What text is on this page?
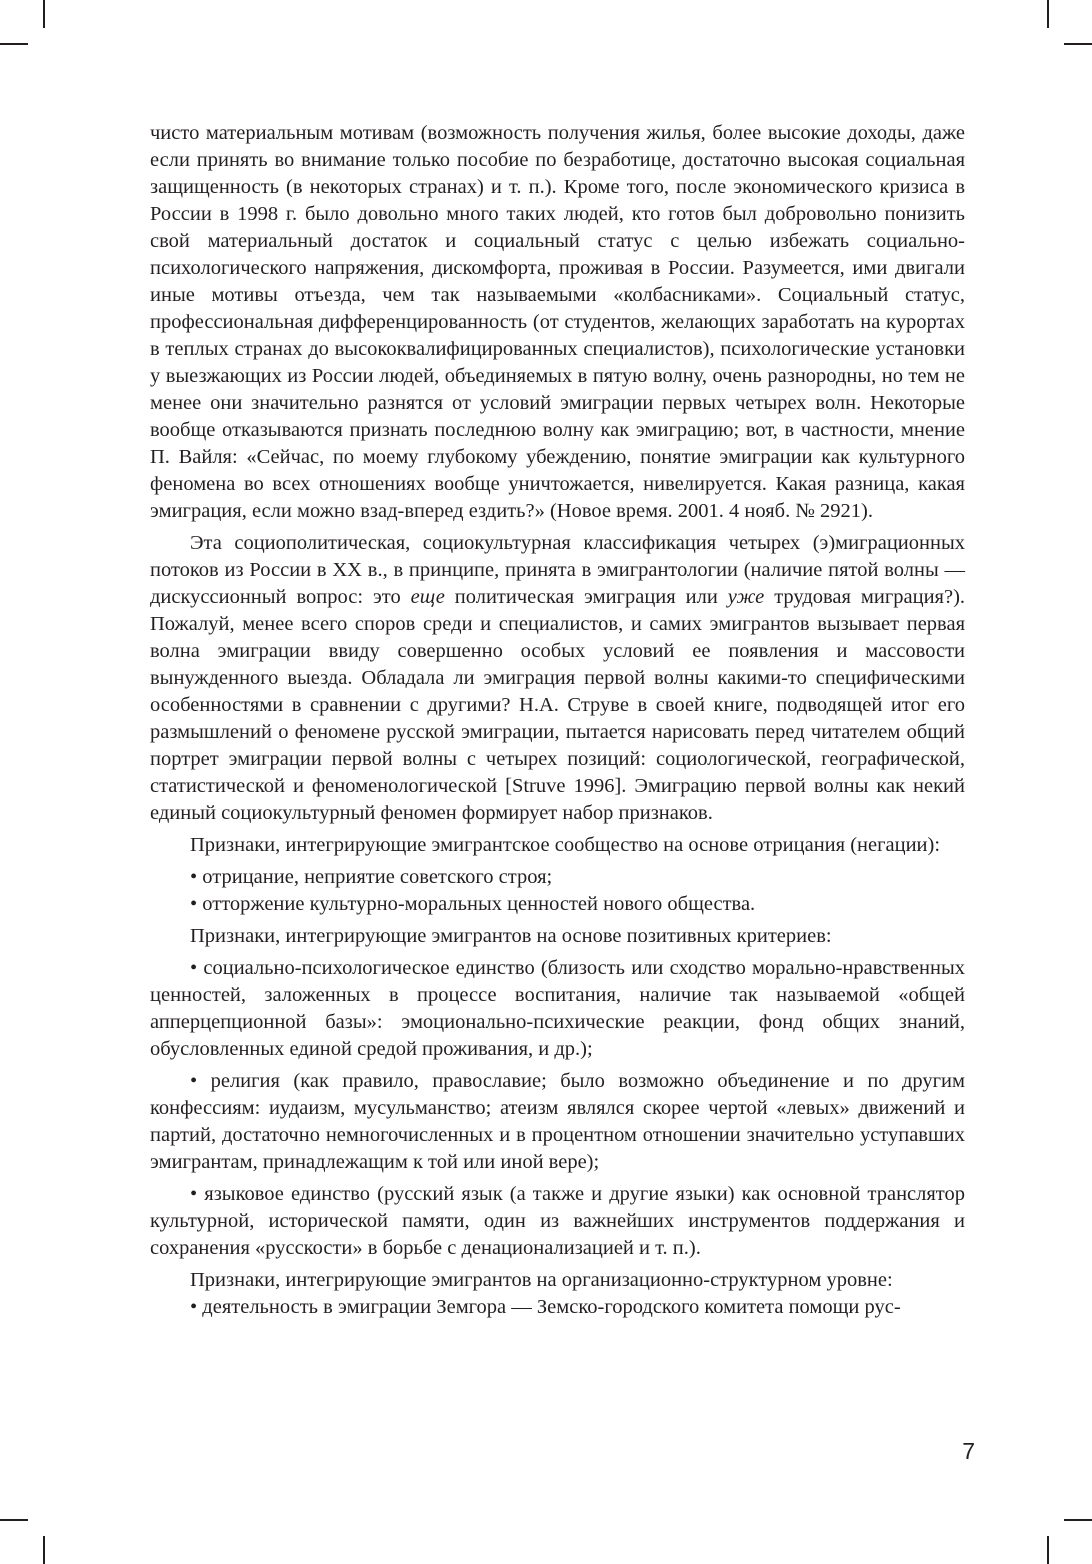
чисто материальным мотивам (возможность получения жилья, более высокие доходы, даже если принять во внимание только пособие по безработице, достаточно высокая социальная защищенность (в некоторых странах) и т. п.). Кроме того, после экономического кризиса в России в 1998 г. было довольно много таких людей, кто готов был добровольно понизить свой материальный достаток и социальный статус с целью избежать социально-психологического напряжения, дискомфорта, проживая в России. Разумеется, ими двигали иные мотивы отъезда, чем так называемыми «колбасниками». Социальный статус, профессиональная дифференцированность (от студентов, желающих заработать на курортах в теплых странах до высококвалифицированных специалистов), психологические установки у выезжающих из России людей, объединяемых в пятую волну, очень разнородны, но тем не менее они значительно разнятся от условий эмиграции первых четырех волн. Некоторые вообще отказываются признать последнюю волну как эмиграцию; вот, в частности, мнение П. Вайля: «Сейчас, по моему глубокому убеждению, понятие эмиграции как культурного феномена во всех отношениях вообще уничтожается, нивелируется. Какая разница, какая эмиграция, если можно взад-вперед ездить?» (Новое время. 2001. 4 нояб. № 2921).

Эта социополитическая, социокультурная классификация четырех (э)миграционных потоков из России в XX в., в принципе, принята в эмигрантологии (наличие пятой волны — дискуссионный вопрос: это еще политическая эмиграция или уже трудовая миграция?). Пожалуй, менее всего споров среди и специалистов, и самих эмигрантов вызывает первая волна эмиграции ввиду совершенно особых условий ее появления и массовости вынужденного выезда. Обладала ли эмиграция первой волны какими-то специфическими особенностями в сравнении с другими? Н.А. Струве в своей книге, подводящей итог его размышлений о феномене русской эмиграции, пытается нарисовать перед читателем общий портрет эмиграции первой волны с четырех позиций: социологической, географической, статистической и феноменологической [Struve 1996]. Эмиграцию первой волны как некий единый социокультурный феномен формирует набор признаков.

Признаки, интегрирующие эмигрантское сообщество на основе отрицания (негации):

• отрицание, неприятие советского строя;

• отторжение культурно-моральных ценностей нового общества.

Признаки, интегрирующие эмигрантов на основе позитивных критериев:

• социально-психологическое единство (близость или сходство морально-нравственных ценностей, заложенных в процессе воспитания, наличие так называемой «общей апперцепционной базы»: эмоционально-психические реакции, фонд общих знаний, обусловленных единой средой проживания, и др.);

• религия (как правило, православие; было возможно объединение и по другим конфессиям: иудаизм, мусульманство; атеизм являлся скорее чертой «левых» движений и партий, достаточно немногочисленных и в процентном отношении значительно уступавших эмигрантам, принадлежащим к той или иной вере);

• языковое единство (русский язык (а также и другие языки) как основной транслятор культурной, исторической памяти, один из важнейших инструментов поддержания и сохранения «русскости» в борьбе с денационализацией и т. п.).

Признаки, интегрирующие эмигрантов на организационно-структурном уровне:

• деятельность в эмиграции Земгора — Земско-городского комитета помощи рус-

7
